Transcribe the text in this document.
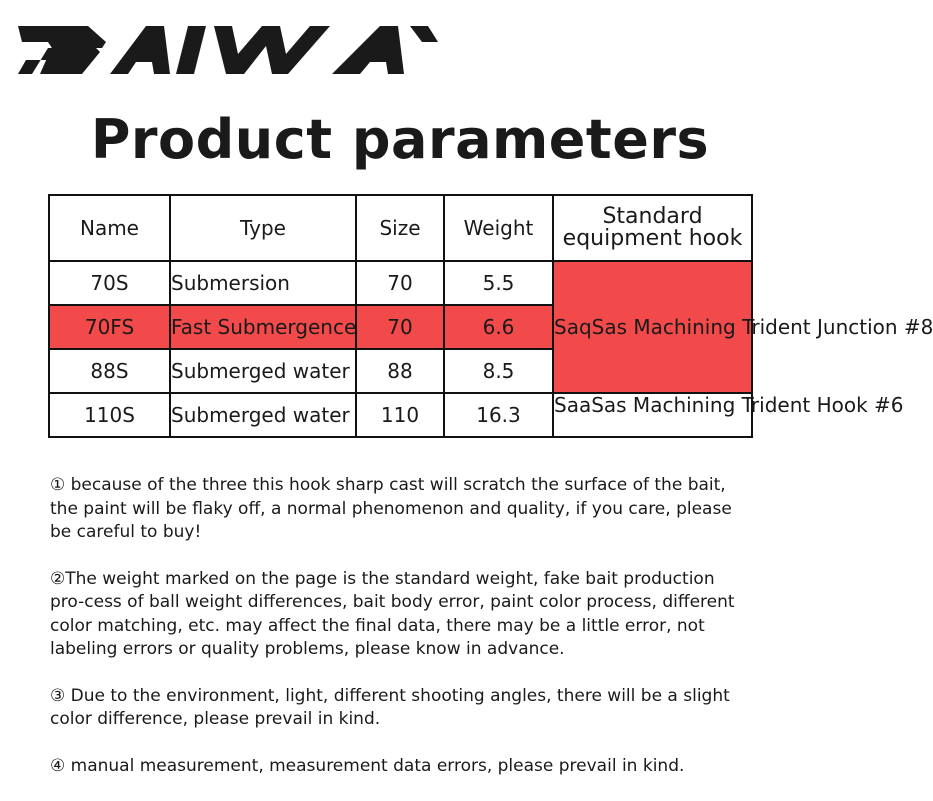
Product parameters
Name	Type	Size	Weight	Standard equipment hook
70S	Submersion	70	5.5	SaqSas Machining Trident Junction #8
70FS	Fast Submergence	70	6.6	
88S	Submerged water	88	8.5	
110S	Submerged water	110	16.3	SaaSas Machining Trident Hook #6

① because of the three this hook sharp cast will scratch the surface of the bait, the paint will be flaky off, a normal phenomenon and quality, if you care, please be careful to buy!

②The weight marked on the page is the standard weight, fake bait production pro-cess of ball weight differences, bait body error, paint color process, different color matching, etc. may affect the final data, there may be a little error, not labeling errors or quality problems, please know in advance.

③ Due to the environment, light, different shooting angles, there will be a slight color difference, please prevail in kind.

④ manual measurement, measurement data errors, please prevail in kind.
